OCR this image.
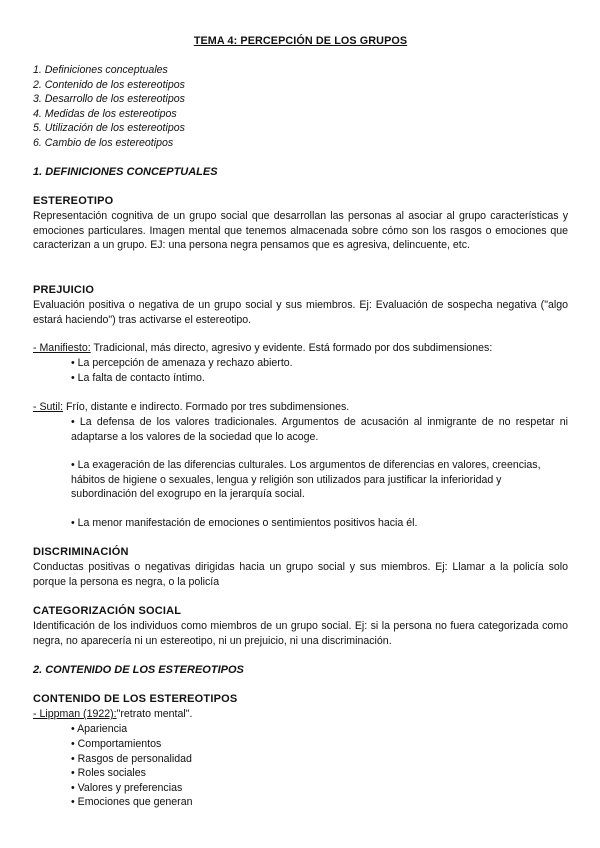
TEMA 4: PERCEPCIÓN DE LOS GRUPOS
1. Definiciones conceptuales
2. Contenido de los estereotipos
3. Desarrollo de los estereotipos
4. Medidas de los estereotipos
5. Utilización de los estereotipos
6. Cambio de los estereotipos
1. DEFINICIONES CONCEPTUALES
ESTEREOTIPO

Representación cognitiva de un grupo social que desarrollan las personas al asociar al grupo características y emociones particulares. Imagen mental que tenemos almacenada sobre cómo son los rasgos o emociones que caracterizan a un grupo. EJ: una persona negra pensamos que es agresiva, delincuente, etc.

PREJUICIO

Evaluación positiva o negativa de un grupo social y sus miembros. Ej: Evaluación de sospecha negativa ("algo estará haciendo") tras activarse el estereotipo.

- Manifiesto: Tradicional, más directo, agresivo y evidente. Está formado por dos subdimensiones:
• La percepción de amenaza y rechazo abierto.
• La falta de contacto íntimo.
- Sutil: Frío, distante e indirecto. Formado por tres subdimensiones.
• La defensa de los valores tradicionales. Argumentos de acusación al inmigrante de no respetar ni adaptarse a los valores de la sociedad que lo acoge.
• La exageración de las diferencias culturales. Los argumentos de diferencias en valores, creencias, hábitos de higiene o sexuales, lengua y religión son utilizados para justificar la inferioridad y subordinación del exogrupo en la jerarquía social.
• La menor manifestación de emociones o sentimientos positivos hacia él.
DISCRIMINACIÓN

Conductas positivas o negativas dirigidas hacia un grupo social y sus miembros. Ej: Llamar a la policía solo porque la persona es negra, o la policía

CATEGORIZACIÓN SOCIAL

Identificación de los individuos como miembros de un grupo social. Ej: si la persona no fuera categorizada como negra, no aparecería ni un estereotipo, ni un prejuicio, ni una discriminación.

2. CONTENIDO DE LOS ESTEREOTIPOS
CONTENIDO DE LOS ESTEREOTIPOS
- Lippman (1922):"retrato mental".
• Apariencia
• Comportamientos
• Rasgos de personalidad
• Roles sociales
• Valores y preferencias
• Emociones que generan
